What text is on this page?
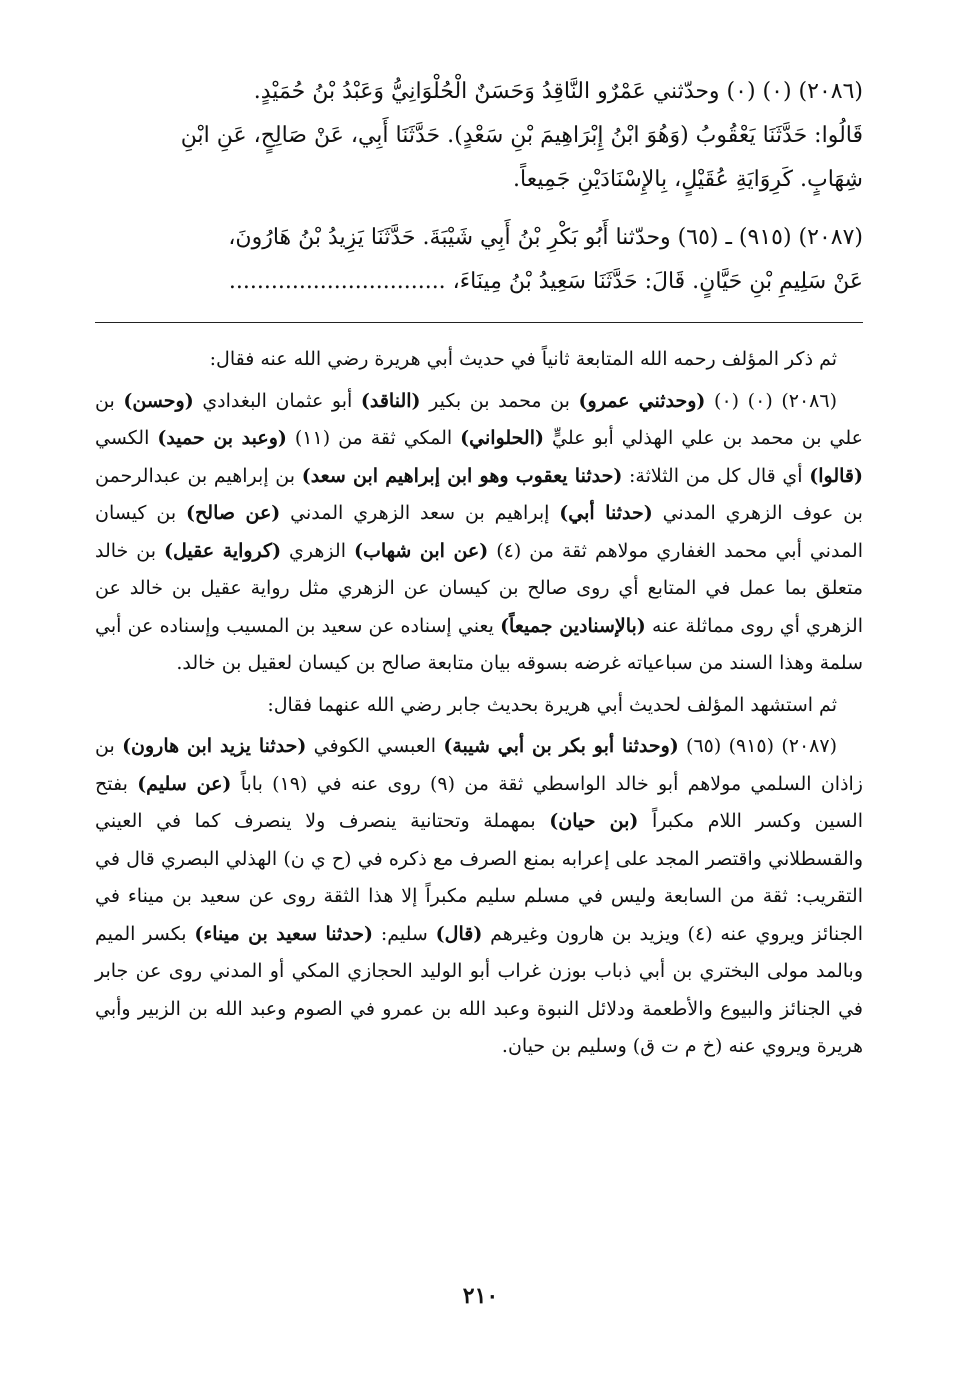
(٢٠٨٦) (٠) (٠) وحدّثني عَمْرٌو النَّاقِدُ وَحَسَنٌ الْحُلْوَانِيُّ وَعَبْدُ بْنُ حُمَيْدٍ.
قَالُوا: حَدَّثَنَا يَعْقُوبُ (وَهُوَ ابْنُ إِبْرَاهِيمَ بْنِ سَعْدٍ). حَدَّثَنَا أَبِي، عَنْ صَالِحٍ، عَنِ ابْنِ
شِهَابٍ. كَرِوَايَةِ عُقَيْلٍ، بِالإِسْنَادَيْنِ جَمِيعاً.

(٢٠٨٧) (٩١٥) ـ (٦٥) وحدّثنا أَبُو بَكْرِ بْنُ أَبِي شَيْبَةَ. حَدَّثَنَا يَزِيدُ بْنُ هَارُونَ،
عَنْ سَلِيمِ بْنِ حَيَّانٍ. قَالَ: حَدَّثَنَا سَعِيدُ بْنُ مِينَاءَ، ...............................

ثم ذكر المؤلف رحمه الله المتابعة ثانياً في حديث أبي هريرة رضي الله عنه فقال:

(٢٠٨٦) (٠) (٠) (وحدثني عمرو) بن محمد بن بكير (الناقد) أبو عثمان البغدادي (وحسن) بن علي بن محمد بن علي الهذلي أبو عليٍّ (الحلواني) المكي ثقة من (١١) (وعبد بن حميد) الكسي (قالوا) أي قال كل من الثلاثة: (حدثنا يعقوب وهو ابن إبراهيم ابن سعد) بن إبراهيم بن عبدالرحمن بن عوف الزهري المدني (حدثنا أبي) إبراهيم بن سعد الزهري المدني (عن صالح) بن كيسان المدني أبي محمد الغفاري مولاهم ثقة من (٤) (عن ابن شهاب) الزهري (كرواية عقيل) بن خالد متعلق بما عمل في المتابع أي روى صالح بن كيسان عن الزهري مثل رواية عقيل بن خالد عن الزهري أي روى مماثلة عنه (بالإسنادين جميعاً) يعني إسناده عن سعيد بن المسيب وإسناده عن أبي سلمة وهذا السند من سباعياته غرضه بسوقه بيان متابعة صالح بن كيسان لعقيل بن خالد.

ثم استشهد المؤلف لحديث أبي هريرة بحديث جابر رضي الله عنهما فقال:

(٢٠٨٧) (٩١٥) (٦٥) (وحدثنا أبو بكر بن أبي شيبة) العبسي الكوفي (حدثنا يزيد ابن هارون) بن زاذان السلمي مولاهم أبو خالد الواسطي ثقة من (٩) روى عنه في (١٩) باباً (عن سليم) بفتح السين وكسر اللام مكبراً (بن حيان) بمهملة وتحتانية ينصرف ولا ينصرف كما في العيني والقسطلاني واقتصر المجد على إعرابه بمنع الصرف مع ذكره في (ح ي ن) الهذلي البصري قال في التقريب: ثقة من السابعة وليس في مسلم سليم مكبراً إلا هذا الثقة روى عن سعيد بن ميناء في الجنائز ويروي عنه (٤) ويزيد بن هارون وغيرهم (قال) سليم: (حدثنا سعيد بن ميناء) بكسر الميم وبالمد مولى البختري بن أبي ذباب بوزن غراب أبو الوليد الحجازي المكي أو المدني روى عن جابر في الجنائز والبيوع والأطعمة ودلائل النبوة وعبد الله بن عمرو في الصوم وعبد الله بن الزبير وأبي هريرة ويروي عنه (خ م ت ق) وسليم بن حيان.

٢١٠
